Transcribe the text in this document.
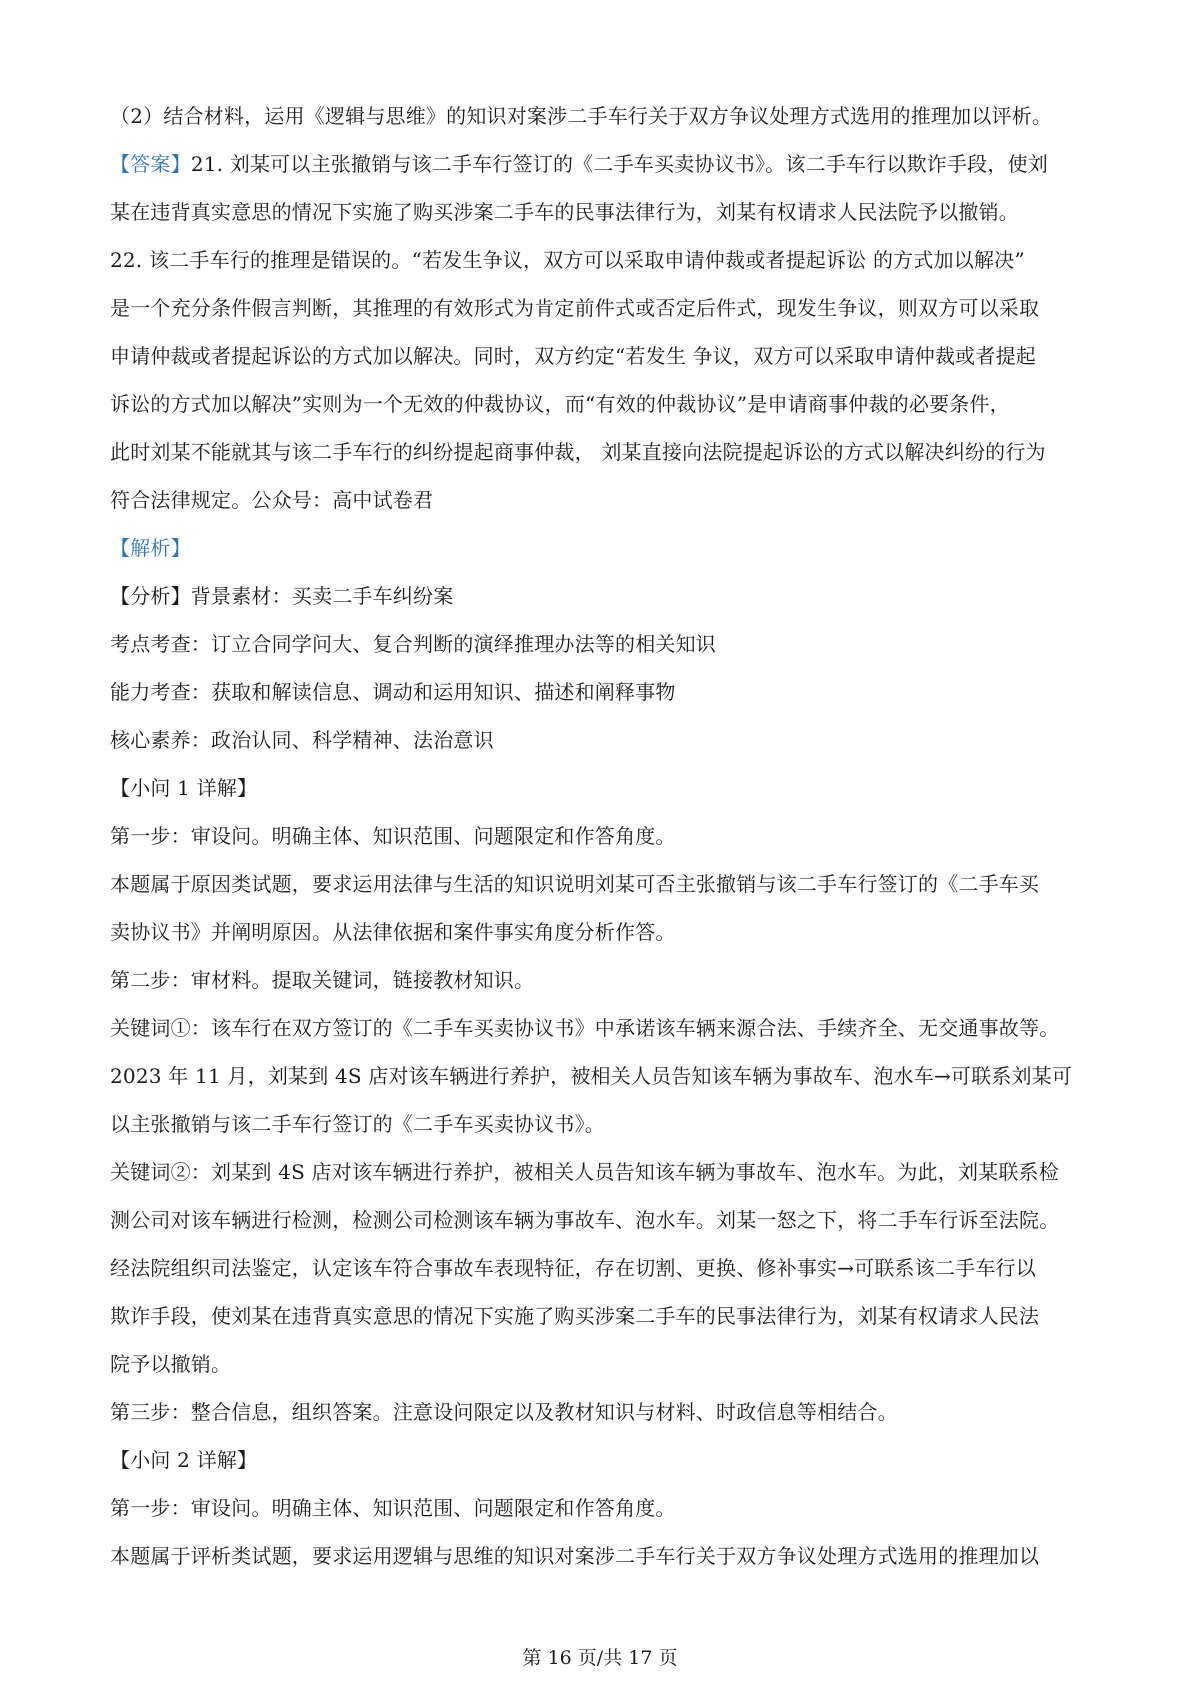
（2）结合材料，运用《逻辑与思维》的知识对案涉二手车行关于双方争议处理方式选用的推理加以评析。
【答案】21. 刘某可以主张撤销与该二手车行签订的《二手车买卖协议书》。该二手车行以欺诈手段，使刘
某在违背真实意思的情况下实施了购买涉案二手车的民事法律行为，刘某有权请求人民法院予以撤销。
22. 该二手车行的推理是错误的。“若发生争议，双方可以采取申请仲裁或者提起诉讼 的方式加以解决”
是一个充分条件假言判断，其推理的有效形式为肯定前件式或否定后件式，现发生争议，则双方可以采取
申请仲裁或者提起诉讼的方式加以解决。同时，双方约定“若发生 争议，双方可以采取申请仲裁或者提起
诉讼的方式加以解决”实则为一个无效的仲裁协议，而“有效的仲裁协议”是申请商事仲裁的必要条件，
此时刘某不能就其与该二手车行的纠纷提起商事仲裁， 刘某直接向法院提起诉讼的方式以解决纠纷的行为
符合法律规定。公众号：高中试卷君
【解析】
【分析】背景素材：买卖二手车纠纷案
考点考查：订立合同学问大、复合判断的演绎推理办法等的相关知识
能力考查：获取和解读信息、调动和运用知识、描述和阐释事物
核心素养：政治认同、科学精神、法治意识
【小问 1 详解】
第一步：审设问。明确主体、知识范围、问题限定和作答角度。
本题属于原因类试题，要求运用法律与生活的知识说明刘某可否主张撤销与该二手车行签订的《二手车买
卖协议书》并阐明原因。从法律依据和案件事实角度分析作答。
第二步：审材料。提取关键词，链接教材知识。
关键词①：该车行在双方签订的《二手车买卖协议书》中承诺该车辆来源合法、手续齐全、无交通事故等。
2023 年 11 月，刘某到 4S 店对该车辆进行养护，被相关人员告知该车辆为事故车、泡水车→可联系刘某可
以主张撤销与该二手车行签订的《二手车买卖协议书》。
关键词②：刘某到 4S 店对该车辆进行养护，被相关人员告知该车辆为事故车、泡水车。为此，刘某联系检
测公司对该车辆进行检测，检测公司检测该车辆为事故车、泡水车。刘某一怒之下，将二手车行诉至法院。
经法院组织司法鉴定，认定该车符合事故车表现特征，存在切割、更换、修补事实→可联系该二手车行以
欺诈手段，使刘某在违背真实意思的情况下实施了购买涉案二手车的民事法律行为，刘某有权请求人民法
院予以撤销。
第三步：整合信息，组织答案。注意设问限定以及教材知识与材料、时政信息等相结合。
【小问 2 详解】
第一步：审设问。明确主体、知识范围、问题限定和作答角度。
本题属于评析类试题，要求运用逻辑与思维的知识对案涉二手车行关于双方争议处理方式选用的推理加以
第 16 页/共 17 页
